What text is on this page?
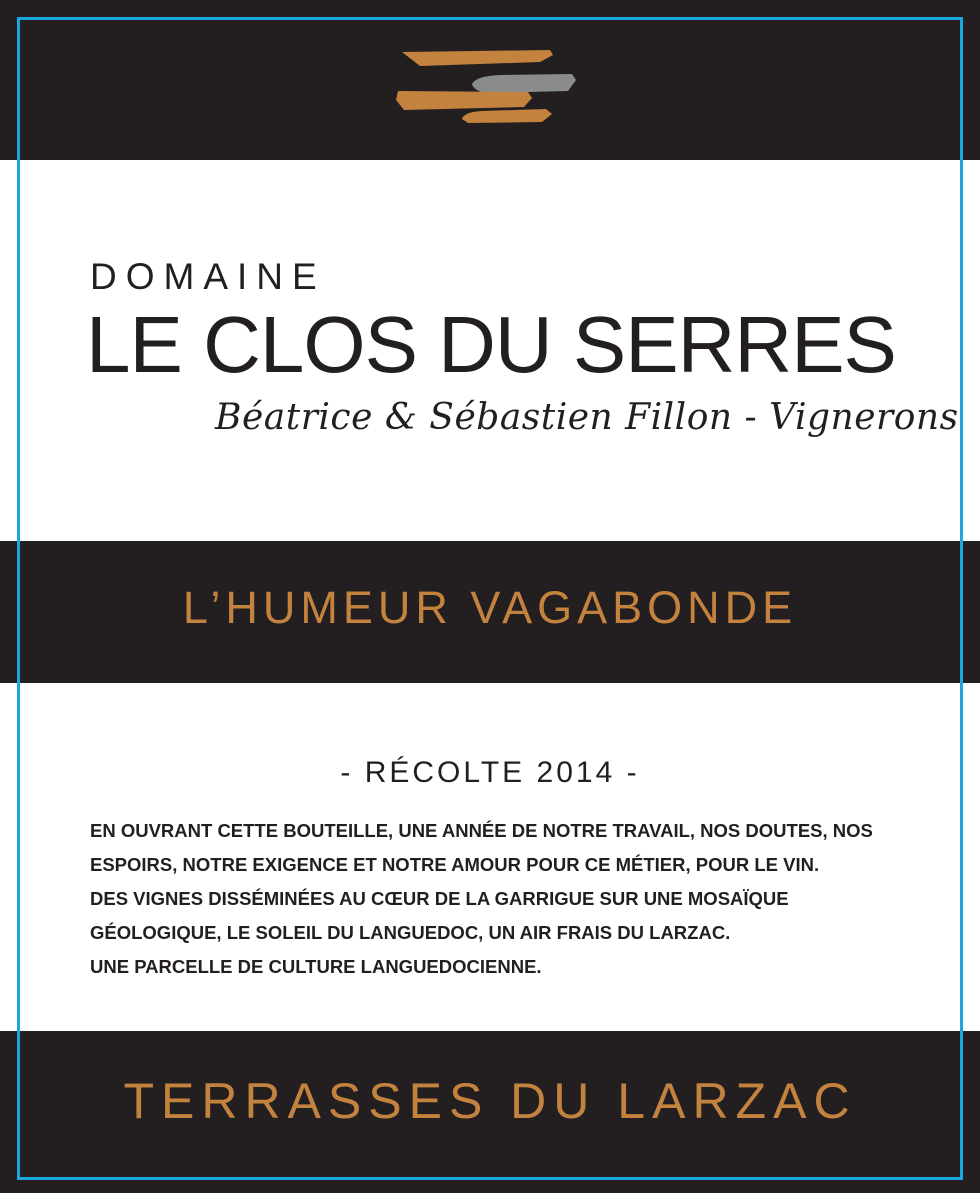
DOMAINE
LE CLOS DU SERRES
Béatrice & Sébastien Fillon - Vignerons
L’HUMEUR VAGABONDE
- RÉCOLTE 2014 -
EN OUVRANT CETTE BOUTEILLE, UNE ANNÉE DE NOTRE TRAVAIL, NOS DOUTES, NOS
ESPOIRS, NOTRE EXIGENCE ET NOTRE AMOUR POUR CE MÉTIER, POUR LE VIN.
DES VIGNES DISSÉMINÉES AU CŒUR DE LA GARRIGUE SUR UNE MOSAÏQUE
GÉOLOGIQUE, LE SOLEIL DU LANGUEDOC, UN AIR FRAIS DU LARZAC.
UNE PARCELLE DE CULTURE LANGUEDOCIENNE.
TERRASSES DU LARZAC
